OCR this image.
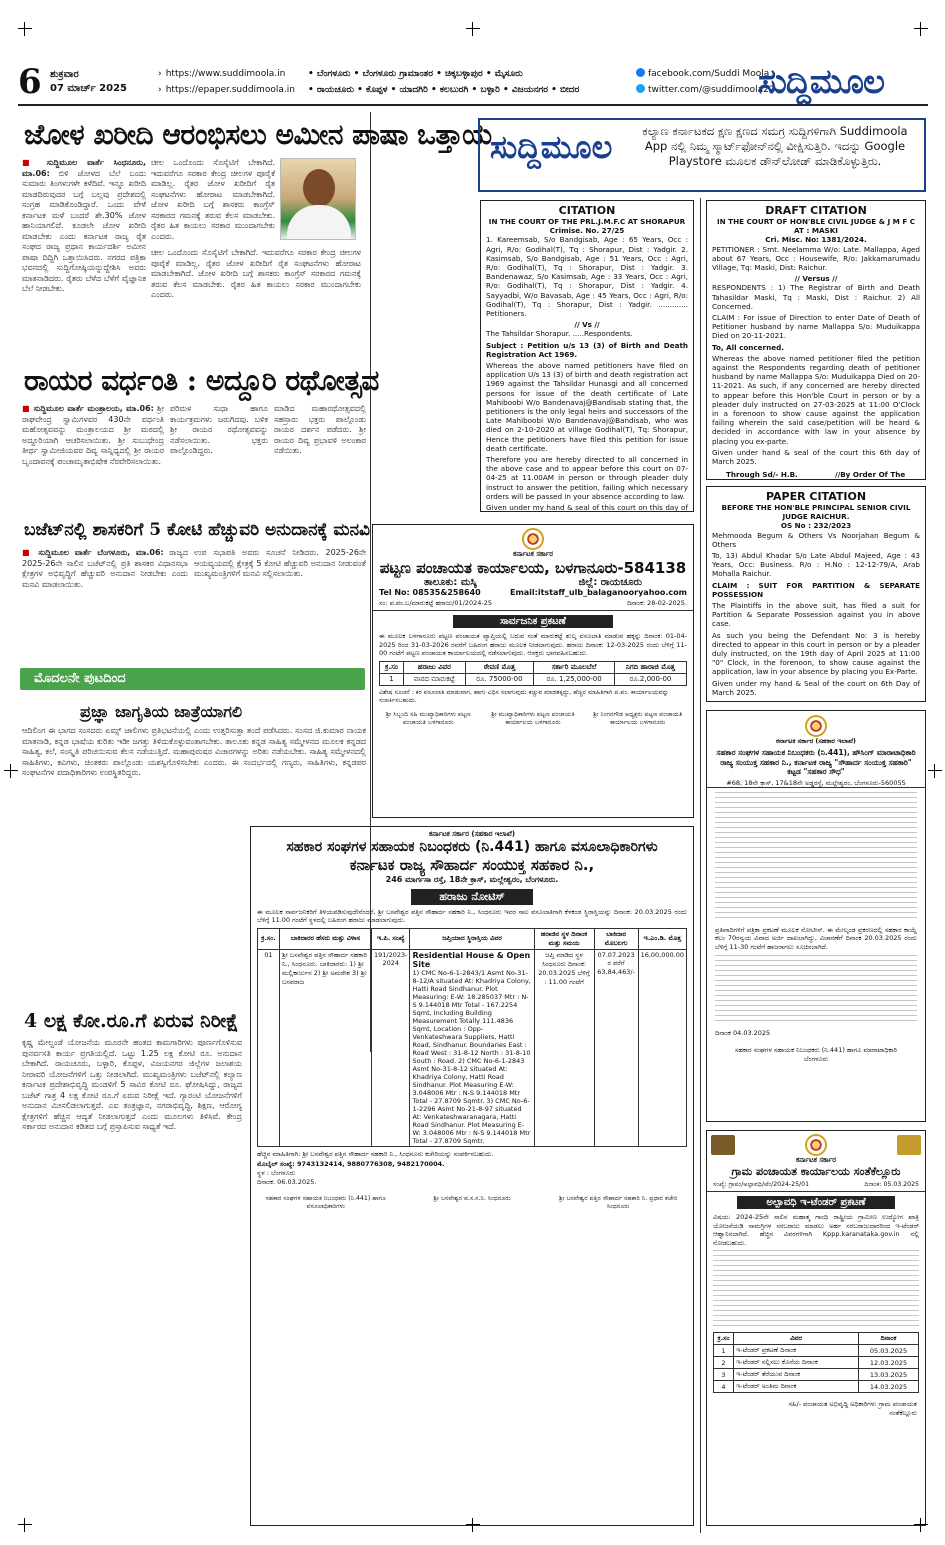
6 ಶುಕ್ರವಾರ
07 ಮಾರ್ಚ್ 2025
› https://www.suddimoola.in
› https://epaper.suddimoola.in
• ಬೆಂಗಳೂರು • ಬೆಂಗಳೂರು ಗ್ರಾಮಾಂತರ • ಚಿಕ್ಕಬಳ್ಳಾಪುರ • ಮೈಸೂರು
• ರಾಯಚೂರು • ಕೊಪ್ಪಳ • ಯಾದಗಿರಿ • ಕಲಬುರಗಿ • ಬಳ್ಳಾರಿ • ವಿಜಯನಗರ • ಬೀದರ
facebook.com/Suddi Moola
twitter.com/@suddimoola22
ಸುದ್ದಿಮೂಲ
ಜೋಳ ಖರೀದಿ ಆರಂಭಿಸಲು ಅಮೀನ ಪಾಷಾ ಒತ್ತಾಯ
■ ಸುದ್ದಿಮೂಲ ವಾರ್ತೆ ಸಿಂಧನೂರು, ಮಾ.06: ಬಿಳಿ ಜೋಳದ ಬೆಲೆ ಬಂದು ಸುಮಾರು ತಿಂಗಳುಗಳೇ ಕಳೆದಿವೆ. ಇನ್ನೂ ಖರೀದಿ ಮಾಡದಿರುವುದರ ಬಗ್ಗೆ ಬಲ್ಲವು ಪ್ರದೇಶದಲ್ಲಿ ಸಂಗ್ರಹ ಮಾಡಿಕೊಂಡಿದ್ದಾರೆ. ಒಂದು ವೇಳೆ ಕರ್ನಾಟಕ ಮಳೆ ಬಂದರೆ ಶೇ.30% ಜೋಳ ಹಾನಿಯಾಗಲಿದೆ. ಕೂಡಲೇ ಜೋಳ ಖರೀದಿ ಮಾಡಬೇಕು ಎಂದು ಕರ್ನಾಟಕ ರಾಜ್ಯ ರೈತ ಸಂಘದ ರಾಜ್ಯ ಪ್ರಧಾನ ಕಾರ್ಯದರ್ಶಿ ಅಮೀನ ಪಾಷಾ ದಿದ್ದಿಗಿ ಒತ್ತಾಯಿಸಿದರು. ನಗರದ ಪತ್ರಿಕಾ ಭವನದಲ್ಲಿ ಸುದ್ದಿಗೋಷ್ಠಿಯನ್ನುದ್ದೇಶಿಸಿ ಅವರು ಮಾತನಾಡಿದರು. ರೈತರು ಬೆಳೆದ ಬೆಳೆಗೆ ವೈಜ್ಞಾನಿಕ ಬೆಲೆ ನೀಡಬೇಕು.
ಚೀಲ ಒಂದೊಂದು ಸೊಸೈಟಿಗೆ ಬೇಕಾಗಿದೆ. ಇದುವರೆಗೂ ಸರಕಾರ ಕೇಂದ್ರ ಚೀಲಗಳ ಪೂರೈಕೆ ಮಾಡಿಲ್ಲ. ರೈತರ ಜೋಳ ಖರೀದಿಗೆ ರೈತ ಸಂಘಟನೆಗಳು ಹೋರಾಟ ಮಾಡಬೇಕಾಗಿದೆ. ಜೋಳ ಖರೀದಿ ಬಗ್ಗೆ ಶಾಸಕರು ಕಾಂಗ್ರೆಸ್ ಸರಕಾರದ ಗಮನಕ್ಕೆ ತರುವ ಕೆಲಸ ಮಾಡಬೇಕು. ರೈತರ ಹಿತ ಕಾಯಲು ಸರಕಾರ ಮುಂದಾಗಬೇಕು ಎಂದರು.
ಚೀಲ ಒಂದೊಂದು ಸೊಸೈಟಿಗೆ ಬೇಕಾಗಿದೆ. ಇದುವರೆಗೂ ಸರಕಾರ ಕೇಂದ್ರ ಚೀಲಗಳ ಪೂರೈಕೆ ಮಾಡಿಲ್ಲ. ರೈತರ ಜೋಳ ಖರೀದಿಗೆ ರೈತ ಸಂಘಟನೆಗಳು ಹೋರಾಟ ಮಾಡಬೇಕಾಗಿದೆ. ಜೋಳ ಖರೀದಿ ಬಗ್ಗೆ ಶಾಸಕರು ಕಾಂಗ್ರೆಸ್ ಸರಕಾರದ ಗಮನಕ್ಕೆ ತರುವ ಕೆಲಸ ಮಾಡಬೇಕು. ರೈತರ ಹಿತ ಕಾಯಲು ಸರಕಾರ ಮುಂದಾಗಬೇಕು ಎಂದರು.
ರಾಯರ ವರ್ಧಂತಿ : ಅದ್ದೂರಿ ರಥೋತ್ಸವ
■ ಸುದ್ದಿಮೂಲ ವಾರ್ತೆ ಮಂತ್ರಾಲಯ, ಮಾ.06: ಶ್ರೀ ರಾಘವೇಂದ್ರ ಸ್ವಾಮಿಗಳವರ 430ನೇ ವರ್ಧಂತಿ ಮಹೋತ್ಸವವನ್ನು ಮಂತ್ರಾಲಯದ ಶ್ರೀ ಮಠದಲ್ಲಿ ಅದ್ದೂರಿಯಾಗಿ ಆಚರಿಸಲಾಯಿತು. ಶ್ರೀ ಸುಬುಧೇಂದ್ರ ತೀರ್ಥ ಸ್ವಾಮೀಜಿಯವರ ದಿವ್ಯ ಸಾನ್ನಿಧ್ಯದಲ್ಲಿ ಶ್ರೀ ರಾಯರ ಬೃಂದಾವನಕ್ಕೆ ಪಂಚಾಮೃತಾಭಿಷೇಕ ನೆರವೇರಿಸಲಾಯಿತು.
ಪರಿಮಳ ಸುಧಾ ಹಾಗೂ ಕಾರ್ಯಕ್ರಮಗಳು ಜರುಗಿದವು. ಬಳಿಕ ಶ್ರೀ ರಾಯರ ರಥೋತ್ಸವವನ್ನು ನಡೆಸಲಾಯಿತು. ಭಕ್ತರು ಪಾಲ್ಗೊಂಡಿದ್ದರು.
ಮಾಡಿದ ಮಹಾರಥೋತ್ಸವದಲ್ಲಿ ಸಹಸ್ರಾರು ಭಕ್ತರು ಪಾಲ್ಗೊಂಡು ರಾಯರ ದರ್ಶನ ಪಡೆದರು. ಶ್ರೀ ರಾಯರ ದಿವ್ಯ ಪ್ರಭಾವಳಿ ಅಲಂಕಾರ ನಡೆಯಿತು.
ಬಜೆಟ್‌ನಲ್ಲಿ ಶಾಸಕರಿಗೆ 5 ಕೋಟಿ ಹೆಚ್ಚುವರಿ ಅನುದಾನಕ್ಕೆ ಮನವಿ
■ ಸುದ್ದಿಮೂಲ ವಾರ್ತೆ ಬೆಂಗಳೂರು, ಮಾ.06: ರಾಜ್ಯದ 2025-26ನೇ ಸಾಲಿನ ಬಜೆಟ್‌ನಲ್ಲಿ ಪ್ರತಿ ಶಾಸಕರ ವಿಧಾನಸಭಾ ಕ್ಷೇತ್ರಗಳ ಅಭಿವೃದ್ಧಿಗೆ ಹೆಚ್ಚುವರಿ ಅನುದಾನ ನೀಡಬೇಕು ಎಂದು ಮನವಿ ಮಾಡಲಾಯಿತು.
ಉಪ ಸಭಾಪತಿ ಅವರು ಸೂಚನೆ ನೀಡಿದರು. 2025-26ನೇ ಆಯವ್ಯಯದಲ್ಲಿ ಕ್ಷೇತ್ರಕ್ಕೆ 5 ಕೋಟಿ ಹೆಚ್ಚುವರಿ ಅನುದಾನ ನೀಡುವಂತೆ ಮುಖ್ಯಮಂತ್ರಿಗಳಿಗೆ ಮನವಿ ಸಲ್ಲಿಸಲಾಯಿತು.
ಮೊದಲನೇ ಪುಟದಿಂದ
ಪ್ರಜ್ಞಾ ಜಾಗೃತಿಯ ಜಾತ್ರೆಯಾಗಲಿ
ಆದಿಲಿಂಗ ಈ ಭಾಗದ ಸಂಸದರು ಏಮ್ಸ್ ಜಾಲಿಗಳು ಪ್ರತಿಭಟನೆಯಲ್ಲಿ ಎಂದು ಉತ್ತರಿಸುತ್ತಾ ತಂದೆ ಪಡೆಸಿದರು. ಸಂಸದ ಜಿ.ಕುಮಾರ ನಾಯಕ ಮಾತನಾಡಿ, ಕನ್ನಡ ಭಾಷೆಯ ಕುರಿತು ಇಡೀ ಜಗತ್ತು ತಿಳಿದುಕೊಳ್ಳುವಂತಾಗಬೇಕು. ತಾಲೂಕು ಕನ್ನಡ ಸಾಹಿತ್ಯ ಸಮ್ಮೇಳನದ ಮೂಲಕ ಕನ್ನಡದ ಸಾಹಿತ್ಯ, ಕಲೆ, ಸಂಸ್ಕೃತಿ ಪರಿಚಯಿಸುವ ಕೆಲಸ ನಡೆಯುತ್ತಿದೆ. ಮಹಾಪುರುಷರ ವಿಚಾರಗಳನ್ನು ಅರಿತು ನಡೆಯಬೇಕು. ಸಾಹಿತ್ಯ ಸಮ್ಮೇಳನದಲ್ಲಿ ಸಾಹಿತಿಗಳು, ಕವಿಗಳು, ಚಿಂತಕರು ಪಾಲ್ಗೊಂಡು ಯಶಸ್ವಿಗೊಳಿಸಬೇಕು ಎಂದರು. ಈ ಸಂದರ್ಭದಲ್ಲಿ ಗಣ್ಯರು, ಸಾಹಿತಿಗಳು, ಕನ್ನಡಪರ ಸಂಘಟನೆಗಳ ಪದಾಧಿಕಾರಿಗಳು ಉಪಸ್ಥಿತರಿದ್ದರು.
4 ಲಕ್ಷ ಕೋ.ರೂ.ಗೆ ಏರುವ ನಿರೀಕ್ಷೆ
ಕೃಷ್ಣ ಮೇಲ್ದಂಡೆ ಯೋಜನೆಯ ಮೂರನೇ ಹಂತದ ಕಾಮಗಾರಿಗಳು ಪೂರ್ಣಗೊಳಿಸುವ ಪುನರ್ವಸತಿ ಕಾರ್ಯ ಪ್ರಗತಿಯಲ್ಲಿದೆ. ಒಟ್ಟು 1.25 ಲಕ್ಷ ಕೋಟಿ ರೂ. ಅನುದಾನ ಬೇಕಾಗಿದೆ. ರಾಯಚೂರು, ಬಳ್ಳಾರಿ, ಕೊಪ್ಪಳ, ವಿಜಯನಗರ ಜಿಲ್ಲೆಗಳ ಜಲಾಶಯ ನೀರಾವರಿ ಯೋಜನೆಗಳಿಗೆ ಒತ್ತು ನೀಡಲಾಗಿದೆ. ಮುಖ್ಯಮಂತ್ರಿಗಳು ಬಜೆಟ್‌ನಲ್ಲಿ ಕಲ್ಯಾಣ ಕರ್ನಾಟಕ ಪ್ರದೇಶಾಭಿವೃದ್ಧಿ ಮಂಡಳಿಗೆ 5 ಸಾವಿರ ಕೋಟಿ ರೂ. ಘೋಷಿಸಿದ್ದು, ರಾಜ್ಯದ ಬಜೆಟ್ ಗಾತ್ರ 4 ಲಕ್ಷ ಕೋಟಿ ರೂ.ಗೆ ಏರುವ ನಿರೀಕ್ಷೆ ಇದೆ. ಗ್ಯಾರಂಟಿ ಯೋಜನೆಗಳಿಗೆ ಅನುದಾನ ಮೀಸಲಿಡಲಾಗುತ್ತದೆ. ಎಐ ತಂತ್ರಜ್ಞಾನ, ನಗರಾಭಿವೃದ್ಧಿ, ಶಿಕ್ಷಣ, ಆರೋಗ್ಯ ಕ್ಷೇತ್ರಗಳಿಗೆ ಹೆಚ್ಚಿನ ಆದ್ಯತೆ ನೀಡಲಾಗುತ್ತದೆ ಎಂದು ಮೂಲಗಳು ತಿಳಿಸಿವೆ. ಕೇಂದ್ರ ಸರ್ಕಾರದ ಅನುದಾನ ಕಡಿತದ ಬಗ್ಗೆ ಪ್ರಸ್ತಾಪಿಸುವ ಸಾಧ್ಯತೆ ಇದೆ.
ಸುದ್ದಿಮೂಲ	ಕಲ್ಯಾಣ ಕರ್ನಾಟಕದ ಕ್ಷಣ ಕ್ಷಣದ ಸಮಗ್ರ ಸುದ್ದಿಗಳಿಗಾಗಿ Suddimoola App ನಲ್ಲಿ ನಿಮ್ಮ ಸ್ಮಾರ್ಟ್‌ಫೋನ್‌ನಲ್ಲಿ ವೀಕ್ಷಿಸುತ್ತಿರಿ. ಇದನ್ನು Google Playstore ಮೂಲಕ ಡೌನ್‌ಲೋಡ್ ಮಾಡಿಕೊಳ್ಳುತ್ತಿರು.
CITATION
IN THE COURT OF THE PRL.J.M.F.C AT SHORAPUR
Crimise. No. 27/25

1. Kareemsab, S/o Bandgisab, Age : 65 Years, Occ : Agri, R/o: Godihal(T), Tq : Shorapur, Dist : Yadgir. 2. Kasimsab, S/o Bandgisab, Age : 51 Years, Occ : Agri, R/o: Godihal(T), Tq : Shorapur, Dist : Yadgir. 3. Bandenawaz, S/o Kasimsab, Age : 33 Years, Occ : Agri, R/o: Godihal(T), Tq : Shorapur, Dist : Yadgir. 4. Sayyadbi, W/o Bavasab, Age : 45 Years, Occ : Agri, R/o: Godihal(T), Tq : Shorapur, Dist : Yadgir. ............. Petitioners.

// Vs //

The Tahsildar Shorapur. .....Respondents.

Subject : Petition u/s 13 (3) of Birth and Death Registration Act 1969.

Whereas the above named petitioners have filed on application U/s 13 (3) of birth and death registration act 1969 against the Tahsildar Hunasgi and all concerned persons for issue of the death certificate of Late Mahiboobi W/o Bandenavaj@Bandisab stating that, the petitioners is the only legal heirs and successors of the Late Mahiboobi W/o Bandenavaj@Bandisab, who was died on 2-10-2020 at village Godihal(T), Tq: Shorapur, Hence the petitioners have filed this petition for issue death certificate.

Therefore you are hereby directed to all concerned in the above case and to appear before this court on 07-04-25 at 11.00AM in person or through pleader duly instruct to answer the petition, failing which necessary orders will be passed in your absence according to law.

Given under my hand & seal of this court on this day of

DRAFT CITATION
IN THE COURT OF HON'BLE CIVIL JUDGE & J M F C AT : MASKI
Cri. Misc. No: 1381/2024.

PETITIONER : Smt. Neelamma W/o: Late. Mallappa, Aged about 67 Years, Occ : Housewife, R/o: Jakkamarumadu Village, Tq: Maski, Dist: Raichur.

// Versus //

RESPONDENTS : 1) The Registrar of Birth and Death Tahasildar Maski, Tq : Maski, Dist : Raichur. 2) All Concerned.

CLAIM : For issue of Direction to enter Date of Death of Petitioner husband by name Mallappa S/o: Muduikappa Died on 20-11-2021.

To, All concerned.

Whereas the above named petitioner filed the petition against the Respondents regarding death of petitioner husband by name Mallappa S/o: Muduikappa Died on 20-11-2021. As such, if any concerned are hereby directed to appear before this Hon'ble Court in person or by a pleader duly instructed on 27-03-2025 at 11:00 O'Clock in a forenoon to show cause against the application failing wherein the said case/petition will be heard & decided in accordance with law in your absence by placing you ex-parte.

Given under hand & seal of the court this 6th day of March 2025.

Through Sd/- H.B.	//By Order Of The
PAPER CITATION
BEFORE THE HON'BLE PRINCIPAL SENIOR CIVIL JUDGE RAICHUR.
OS No : 232/2023

Mehmooda Begum & Others Vs Noorjahan Begum & Others

To, 13) Abdul Khadar S/o Late Abdul Majeed, Age : 43 Years, Occ: Business. R/o : H.No : 12-12-79/A, Arab Mohalla Raichur.

CLAIM : SUIT FOR PARTITION & SEPARATE POSSESSION

The Plaintiffs in the above suit, has filed a suit for Partition & Separate Possession against you in above case.

As such you being the Defendant No: 3 is hereby directed to appear in this court in person or by a pleader duly instructed, on the 19th day of April 2025 at 11:00 "0" Clock, in the forenoon, to show cause against the application, law in your absence by placing you Ex-Parte.

Given under my hand & Seal of the court on 6th Day of March 2025.

ಕರ್ನಾಟಕ ಸರ್ಕಾರ
ಪಟ್ಟಣ ಪಂಚಾಯತ ಕಾರ್ಯಾಲಯ, ಬಳಗಾನೂರು-584138
ತಾಲೂಕು: ಮಸ್ಕಿ	ಜಿಲ್ಲೆ: ರಾಯಚೂರು
Tel No: 08535&258640	Email:itstaff_ulb_balaganooryahoo.com
ಸಂ: ಪ.ಪಂ.ಬ/ಮಾರುಕಟ್ಟೆ ಹರಾಜು/01/2024-25	ದಿನಾಂಕ: 28-02-2025.
ಸಾರ್ವಜನಿಕ ಪ್ರಕಟಣೆ
ಈ ಮೂಲಕ ಬಳಗಾನೂರು ಪಟ್ಟಣ ಪಂಚಾಯತ ವ್ಯಾಪ್ತಿಯಲ್ಲಿ ಬರುವ ಸಂತೆ ಮಾರುಕಟ್ಟೆ ಶುಲ್ಕ ವಸೂಲಾತಿ ಮಾಡುವ ಹಕ್ಕನ್ನು ದಿನಾಂಕ: 01-04-2025 ರಿಂದ 31-03-2026 ರವರೆಗೆ ಬಹಿರಂಗ ಹರಾಜು ಮೂಲಕ ನೀಡಲಾಗುವುದು. ಹರಾಜು ದಿನಾಂಕ: 12-03-2025 ರಂದು ಬೆಳಿಗ್ಗೆ 11-00 ಗಂಟೆಗೆ ಪಟ್ಟಣ ಪಂಚಾಯತ ಕಾರ್ಯಾಲಯದಲ್ಲಿ ನಡೆಸಲಾಗುವುದು. ಆಸಕ್ತರು ಭಾಗವಹಿಸಬಹುದು.
ಕ್ರ.ಸಂ	ಹರಾಜು ವಿವರ	ಠೇವಣಿ ಮೊತ್ತ	ಸರ್ಕಾರಿ ಮೂಲಬೆಲೆ	ನಿಗದಿ ಹಾರಾಜಿ ಮೊತ್ತ
1	ವಾರದ ಮಾರುಕಟ್ಟೆ	ರೂ. 75000-00	ರೂ. 1,25,000-00	ರೂ.2,000-00
ವಿಶೇಷ ಸೂಚನೆ : ಕರ ವಸೂಲಾತಿ ಮಾಡುವಾಗ, ಹಾಗು ವಿಧಿಸ ಸಲಾಗುವುದು ಕಚ್ಚುವ ಮಾಡತಕ್ಕದ್ದು, ಹೆಚ್ಚಿನ ಮಾಹಿತಿಗಾಗಿ ಪ.ಪಂ. ಕಾರ್ಯಾಲಯವನ್ನು ಸಂಪರ್ಕಿಸಬಹುದು.
ಶ್ರೀ ಸಿಬ್ಬಂದಿ ಸಹಿ ಮುಖ್ಯಾಧಿಕಾರಿಗಳು ಪಟ್ಟಣ ಪಂಚಾಯತಿ ಬಳಗಾನೂರು
ಶ್ರೀ ಮುಖ್ಯಾಧಿಕಾರಿಗಳು ಪಟ್ಟಣ ಪಂಚಾಯತಿ ಕಾರ್ಯಾಲಯ ಬಳಗಾನೂರು
ಶ್ರೀ ನಿಂಗನಗೌಡ ಅಧ್ಯಕ್ಷರು ಪಟ್ಟಣ ಪಂಚಾಯತಿ ಕಾರ್ಯಾಲಯ ಬಳಗಾನೂರು
ಕರ್ನಾಟಕ ಸರ್ಕಾರ (ಸಹಕಾರ ಇಲಾಖೆ)
ಸಹಕಾರ ಸಂಘಗಳ ಸಹಾಯಕ ನಿಬಂಧಕರು (ನಿ.441) ಹಾಗೂ ವಸೂಲಾಧಿಕಾರಿಗಳು
ಕರ್ನಾಟಕ ರಾಜ್ಯ ಸೌಹಾರ್ದ ಸಂಯುಕ್ತ ಸಹಕಾರ ನಿ.,
246 ಮಾರ್ಗಸಾ ರಸ್ತೆ, 18ನೇ ಕ್ರಾಸ್, ಮಲ್ಲೇಶ್ವರಂ, ಬೆಂಗಳೂರು.
ಹರಾಜು ನೋಟಿಸ್
ಈ ಮೂಲಕ ಸಾರ್ವಜನಿಕರಿಗೆ ತಿಳಿಯಪಡಿಸುವುದೇನೆಂದರೆ, ಶ್ರೀ ಬಸವೇಶ್ವರ ಪತ್ತಿನ ಸೌಹಾರ್ದ ಸಹಕಾರಿ ನಿ., ಸಿಂಧನೂರು ಇವರ ಸಾಲ ವಸೂಲಾತಿಗಾಗಿ ಕೆಳಕಂಡ ಸ್ಥಿರಾಸ್ತಿಯನ್ನು ದಿನಾಂಕ: 20.03.2025 ರಂದು ಬೆಳಿಗ್ಗೆ 11.00 ಗಂಟೆಗೆ ಸ್ಥಳದಲ್ಲಿ ಬಹಿರಂಗ ಹರಾಜು ಮಾಡಲಾಗುವುದು.
ಕ್ರ.ಸಂ.	ಬಾಕಿದಾರರ ಹೆಸರು ಮತ್ತು ವಿಳಾಸ	ಇ.ಪಿ. ಸಂಖ್ಯೆ	ಜಪ್ತಿಯಾದ ಸ್ಥಿರಾಸ್ತಿಯ ವಿವರ	ಹರಾಜಿನ ಸ್ಥಳ ದಿನಾಂಕ ಮತ್ತು ಸಮಯ	ಬಾಕಿದಾರ ಮೊಬಲಗು	ಇ.ಎಂ.ಡಿ. ಮೊತ್ತ
01	ಶ್ರೀ ಬಸವೇಶ್ವರ ಪತ್ತಿನ ಸೌಹಾರ್ದ ಸಹಕಾರಿ ನಿ., ಸಿಂಧನೂರು. ಬಾಕಿದಾರರು: 1) ಶ್ರೀ ಮಲ್ಲಿಕಾರ್ಜುನ 2) ಶ್ರೀ ಅಮರೇಶ 3) ಶ್ರೀ ಬಸವರಾಜ	191/2023-2024	Residential House & Open Site
1) CMC No-6-1-2843/1 Asmt No-31-8-12/A situated At: Khadriya Colony, Hatti Road Sindhanur. Plot Measuring: E-W: 18.285037 Mtr : N-S 9.144018 Mtr Total - 167.2254 Sqmt, Including Building Measurement Totally 111.4836 Sqmt, Location : Opp- Venkateshwara Suppliers, Hatti Road, Sindhanur. Boundaries East : Road West : 31-8-12 North : 31-8-10 South : Road. 2) CMC No-6-1-2843 Asmt No-31-8-12 situated At: Khadriya Colony, Hatti Road Sindhanur. Plot Measuring E-W: 3.048006 Mtr : N-S 9.144018 Mtr Total - 27.8709 Sqmtr. 3) CMC No-6-1-2296 Asmt No-21-8-97 situated At: Venkateshwaranagara, Hatti Road Sindhanur. Plot Measuring E-W: 3.048006 Mtr : N-S 9.144018 Mtr Total - 27.8709 Sqmtr.	ಜಪ್ತಿ ಮಾಡಿದ ಸ್ಥಳ ಸಿಂಧನೂರು ದಿನಾಂಕ: 20.03.2025 ಬೆಳಿಗ್ಗೆ : 11.00 ಗಂಟೆಗೆ	07.07.2023 ರ ವರೆಗೆ 63,84,463/-	16,00,000.00
ಹೆಚ್ಚಿನ ಮಾಹಿತಿಗಾಗಿ: ಶ್ರೀ ಬಸವೇಶ್ವರ ಪತ್ತಿನ ಸೌಹಾರ್ದ ಸಹಕಾರಿ ನಿ., ಸಿಂಧನೂರು ಕಚೇರಿಯನ್ನು ಸಂಪರ್ಕಿಸಬಹುದು.
ಮೊಬೈಲ್ ಸಂಖ್ಯೆ: 9743132414, 9880776308, 9482170004.
ಸ್ಥಳ : ಬೆಂಗಳೂರು
ದಿನಾಂಕ: 06.03.2025.
ಸಹಕಾರ ಸಂಘಗಳ ಸಹಾಯಕ ನಿಬಂಧಕರು (ನಿ.441) ಹಾಗೂ ವಸೂಲಾಧಿಕಾರಿಗಳು
ಶ್ರೀ ಬಸವೇಶ್ವರ ಪ.ಸ.ಸ.ನಿ. ಸಿಂಧನೂರು	ಶ್ರೀ ಬಸವೇಶ್ವರ ಪತ್ತಿನ ಸೌಹಾರ್ದ ಸಹಕಾರಿ ನಿ. ಪ್ರಧಾನ ಕಚೇರಿ ಸಿಂಧನೂರು
ಕರ್ನಾಟಕ ಸರ್ಕಾರ (ಸಹಕಾರ ಇಲಾಖೆ)
ಸಹಕಾರ ಸಂಘಗಳ ಸಹಾಯಕ ನಿಬಂಧಕರು (ನಿ.441), ಹೌಸಿಂಗ್ ಮಾರಾಟಾಧಿಕಾರಿ ರಾಜ್ಯ ಸಂಯುಕ್ತ ಸಹಕಾರ ನಿ., ಕರ್ನಾಟಕ ರಾಜ್ಯ "ಸೌಹಾರ್ದ ಸಂಯುಕ್ತ ಸಹಕಾರಿ" ಕಟ್ಟಡ "ಸಹಕಾರ ಸೌಧ"
#68, 18ನೇ ಕ್ರಾಸ್, 17&18ನೇ ಅಡ್ಡರಸ್ತೆ, ಮಲ್ಲೇಶ್ವರಂ, ಬೆಂಗಳೂರು-560055
ಪ್ರತಿವಾದಿಗಳಿಗೆ ಪತ್ರಿಕಾ ಪ್ರಕಟಣೆ ಮೂಲಕ ನೋಟೀಸ್. ಈ ಮೇಲ್ಕಂಡ ಪ್ರಕರಣದಲ್ಲಿ ಸಹಕಾರ ಕಾಯ್ದೆ ಕಲಂ 70ರನ್ವಯ ವಿವಾದ ಅರ್ಜಿ ದಾಖಲಾಗಿದ್ದು, ವಿಚಾರಣೆಗೆ ದಿನಾಂಕ 20.03.2025 ರಂದು ಬೆಳಿಗ್ಗೆ 11-30 ಗಂಟೆಗೆ ಹಾಜರಾಗಲು ಸೂಚಿಸಲಾಗಿದೆ.
ದಿನಾಂಕ 04.03.2025
ಸಹಕಾರ ಸಂಘಗಳ ಸಹಾಯಕ ನಿಬಂಧಕರು (ನಿ.441) ಹಾಗೂ ಮಾರಾಟಾಧಿಕಾರಿ ಬೆಂಗಳೂರು
ಕರ್ನಾಟಕ ಸರ್ಕಾರ
ಗ್ರಾಮ ಪಂಚಾಯತ ಕಾರ್ಯಾಲಯ ಸಂತೆಕೆಲ್ಲೂರು
ಸಂಖ್ಯೆ: ಗ್ರಾಪಂ/ಅಲ್ಪಾವಧಿ/ಟೆಂ/2024-25/01	ದಿನಾಂಕ: 05.03.2025
ಅಲ್ಪಾವಧಿ ಇ-ಟೆಂಡರ್ ಪ್ರಕಟಣೆ
ವಿಷಯ: 2024-25ನೇ ಸಾಲಿನ ಮಹಾತ್ಮ ಗಾಂಧಿ ರಾಷ್ಟ್ರೀಯ ಗ್ರಾಮೀಣ ಉದ್ಯೋಗ ಖಾತ್ರಿ ಯೋಜನೆಯಡಿ ಸಾಮಗ್ರಿಗಳ ಸರಬರಾಜು ಮಾಡಲು ಅರ್ಹ ಸರಬರಾಜುದಾರರಿಂದ ಇ-ಟೆಂಡರ್ ಆಹ್ವಾನಿಸಲಾಗಿದೆ. ಹೆಚ್ಚಿನ ವಿವರಗಳಿಗಾಗಿ Kppp.karanataka.gov.in ನಲ್ಲಿ ನೋಡಬಹುದು.
ಕ್ರ.ಸಂ	ವಿವರ	ದಿನಾಂಕ
1	ಇ-ಟೆಂಡರ್ ಪ್ರಕಟಣೆ ದಿನಾಂಕ	05.03.2025
2	ಇ-ಟೆಂಡರ್ ಸಲ್ಲಿಸಲು ಕೊನೆಯ ದಿನಾಂಕ	12.03.2025
3	ಇ-ಟೆಂಡರ್ ತೆರೆಯುವ ದಿನಾಂಕ	13.03.2025
4	ಇ-ಟೆಂಡರ್ ಅಂತಿಮ ದಿನಾಂಕ	14.03.2025
ಸಹಿ/- ಪಂಚಾಯತ ಅಭಿವೃದ್ಧಿ ಅಧಿಕಾರಿಗಳು ಗ್ರಾಮ ಪಂಚಾಯತ ಸಂತೆಕೆಲ್ಲೂರು
